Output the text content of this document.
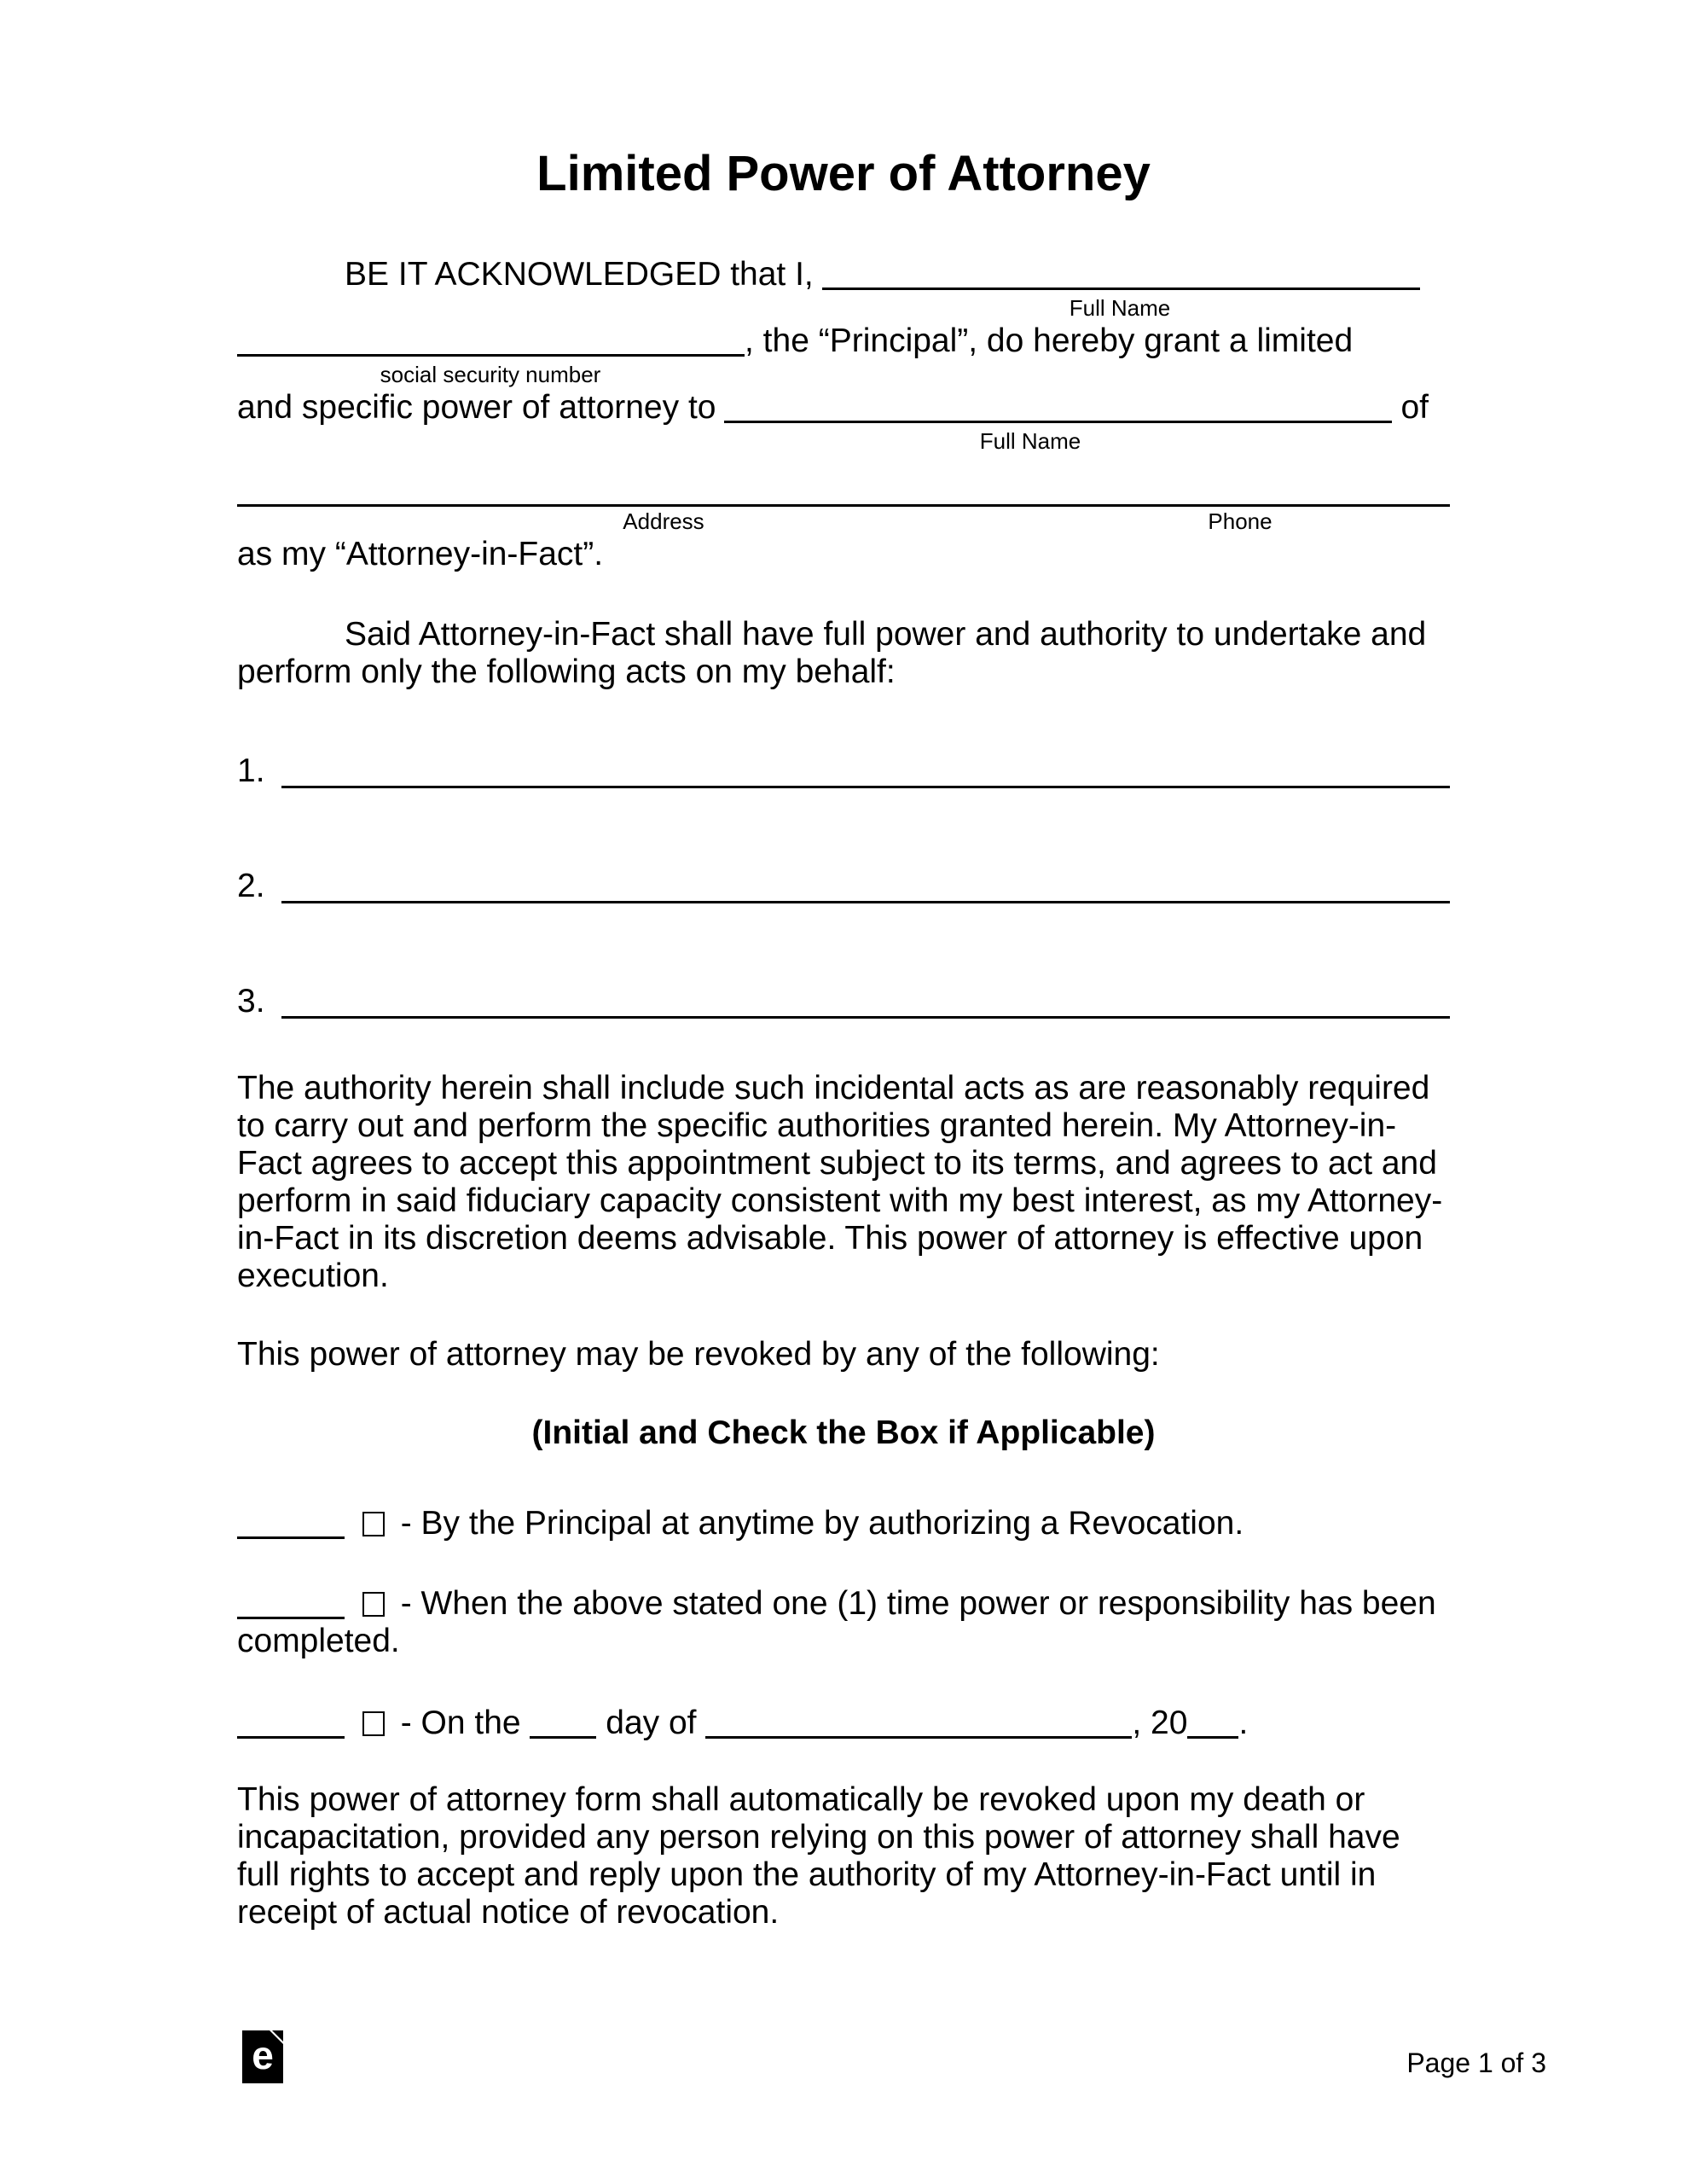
Limited Power of Attorney
BE IT ACKNOWLEDGED that I,
Full Name
, the “Principal”, do hereby grant a limited
social security number
and specific power of attorney to	of
Full Name
Address	Phone
as my “Attorney-in-Fact”.

Said Attorney-in-Fact shall have full power and authority to undertake and perform only the following acts on my behalf:

1.
2.
3.

The authority herein shall include such incidental acts as are reasonably required to carry out and perform the specific authorities granted herein. My Attorney-in-Fact agrees to accept this appointment subject to its terms, and agrees to act and perform in said fiduciary capacity consistent with my best interest, as my Attorney-in-Fact in its discretion deems advisable. This power of attorney is effective upon execution.

This power of attorney may be revoked by any of the following:

(Initial and Check the Box if Applicable)

- By the Principal at anytime by authorizing a Revocation.
- When the above stated one (1) time power or responsibility has been completed.
- On the	day of	, 20 .

This power of attorney form shall automatically be revoked upon my death or incapacitation, provided any person relying on this power of attorney shall have full rights to accept and reply upon the authority of my Attorney-in-Fact until in receipt of actual notice of revocation.

e	Page 1 of 3
